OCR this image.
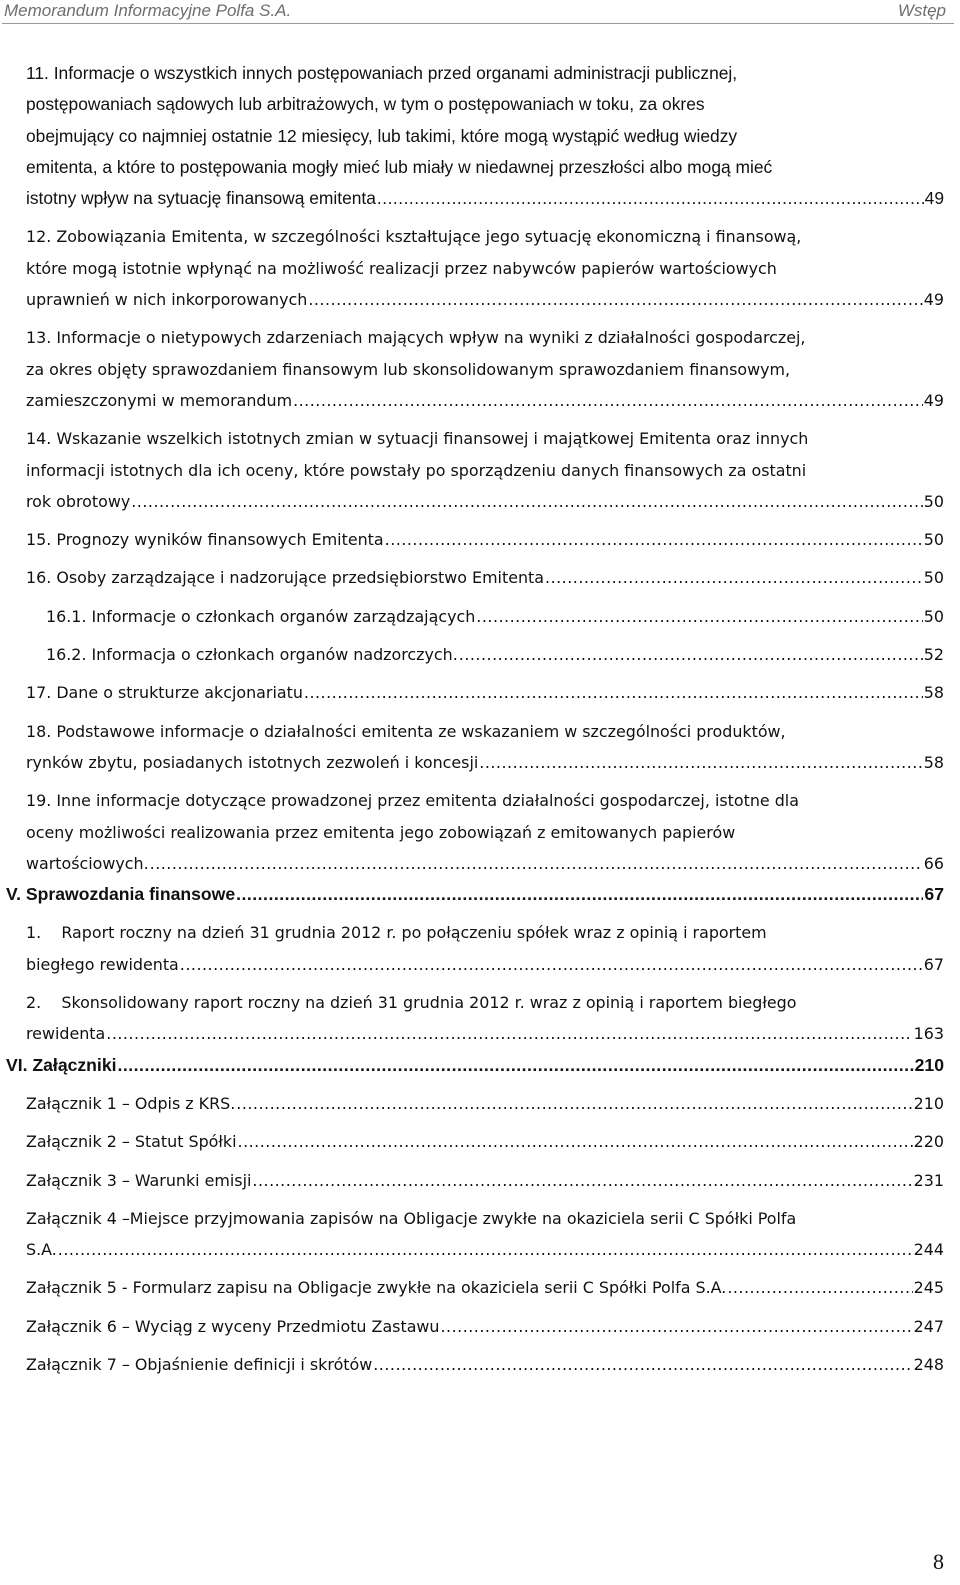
Memorandum Informacyjne Polfa S.A.	Wstęp
11. Informacje o wszystkich innych postępowaniach przed organami administracji publicznej,
postępowaniach sądowych lub arbitrażowych, w tym o postępowaniach w toku, za okres
obejmujący co najmniej ostatnie 12 miesięcy, lub takimi, które mogą wystąpić według wiedzy
emitenta, a które to postępowania mogły mieć lub miały w niedawnej przeszłości albo mogą mieć
istotny wpływ na sytuację finansową emitenta .....	49
12. Zobowiązania Emitenta, w szczególności kształtujące jego sytuację ekonomiczną i finansową,
które mogą istotnie wpłynąć na możliwość realizacji przez nabywców papierów wartościowych
uprawnień w nich inkorporowanych .....	49
13. Informacje o nietypowych zdarzeniach mających wpływ na wyniki z działalności gospodarczej,
za okres objęty sprawozdaniem finansowym lub skonsolidowanym sprawozdaniem finansowym,
zamieszczonymi w memorandum .....	49
14. Wskazanie wszelkich istotnych zmian w sytuacji finansowej i majątkowej Emitenta oraz innych
informacji istotnych dla ich oceny, które powstały po sporządzeniu danych finansowych za ostatni
rok obrotowy .....	50
15. Prognozy wyników finansowych Emitenta .....	50
16. Osoby zarządzające i nadzorujące przedsiębiorstwo Emitenta .....	50
16.1. Informacje o członkach organów zarządzających .....	50
16.2. Informacja o członkach organów nadzorczych. .....	52
17. Dane o strukturze akcjonariatu .....	58
18. Podstawowe informacje o działalności emitenta ze wskazaniem w szczególności produktów,
rynków zbytu, posiadanych istotnych zezwoleń i koncesji .....	58
19. Inne informacje dotyczące prowadzonej przez emitenta działalności gospodarczej, istotne dla
oceny możliwości realizowania przez emitenta jego zobowiązań z emitowanych papierów
wartościowych. .....	66
V. Sprawozdania finansowe .....	67
1.    Raport roczny na dzień 31 grudnia 2012 r. po połączeniu spółek wraz z opinią i raportem
biegłego rewidenta .....	67
2.    Skonsolidowany raport roczny na dzień 31 grudnia 2012 r. wraz z opinią i raportem biegłego
rewidenta .....	163
VI. Załączniki .....	210
Załącznik 1 – Odpis z KRS. .....	210
Załącznik 2 – Statut Spółki .....	220
Załącznik 3 – Warunki emisji .....	231
Załącznik 4 –Miejsce przyjmowania zapisów na Obligacje zwykłe na okaziciela serii C Spółki Polfa
S.A. .....	244
Załącznik 5 - Formularz zapisu na Obligacje zwykłe na okaziciela serii C Spółki Polfa S.A. .....	245
Załącznik 6 – Wyciąg z wyceny Przedmiotu Zastawu .....	247
Załącznik 7 – Objaśnienie definicji i skrótów .....	248
8
